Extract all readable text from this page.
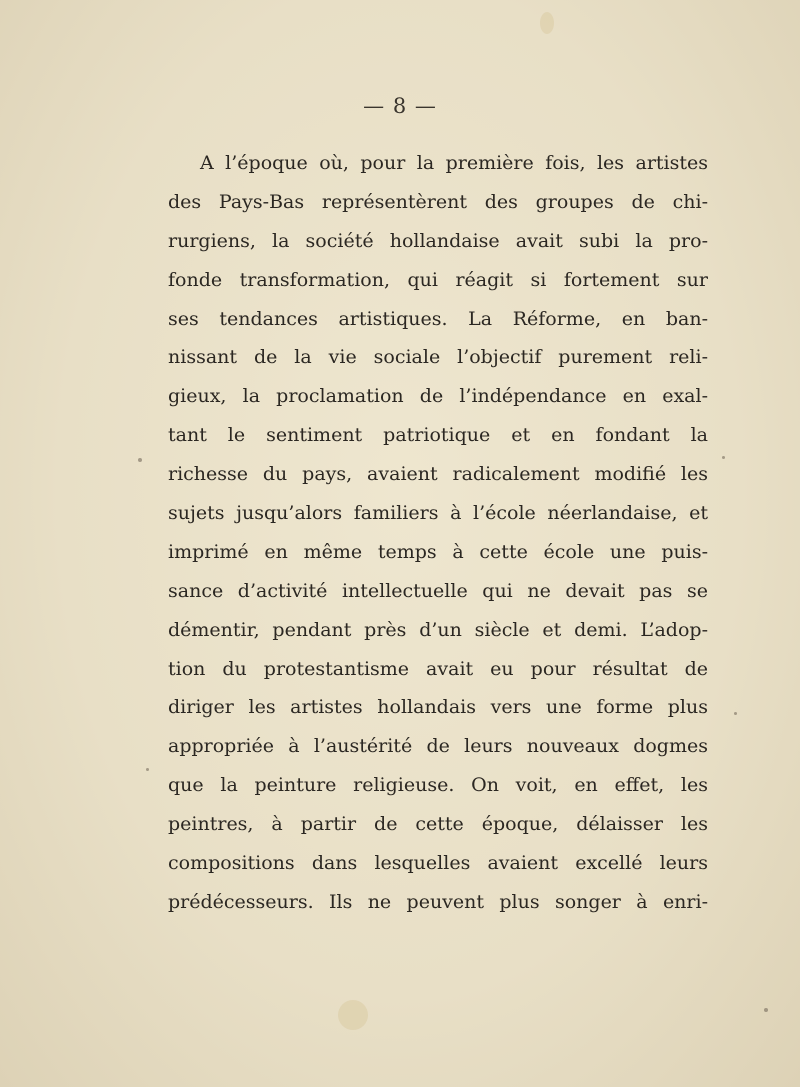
— 8 —
A l’époque où, pour la première fois, les artistes
des Pays-Bas représentèrent des groupes de chi-
rurgiens, la société hollandaise avait subi la pro-
fonde transformation, qui réagit si fortement sur
ses tendances artistiques. La Réforme, en ban-
nissant de la vie sociale l’objectif purement reli-
gieux, la proclamation de l’indépendance en exal-
tant le sentiment patriotique et en fondant la
richesse du pays, avaient radicalement modifié les
sujets jusqu’alors familiers à l’école néerlandaise, et
imprimé en même temps à cette école une puis-
sance d’activité intellectuelle qui ne devait pas se
démentir, pendant près d’un siècle et demi. L’adop-
tion du protestantisme avait eu pour résultat de
diriger les artistes hollandais vers une forme plus
appropriée à l’austérité de leurs nouveaux dogmes
que la peinture religieuse. On voit, en effet, les
peintres, à partir de cette époque, délaisser les
compositions dans lesquelles avaient excellé leurs
prédécesseurs. Ils ne peuvent plus songer à enri-
